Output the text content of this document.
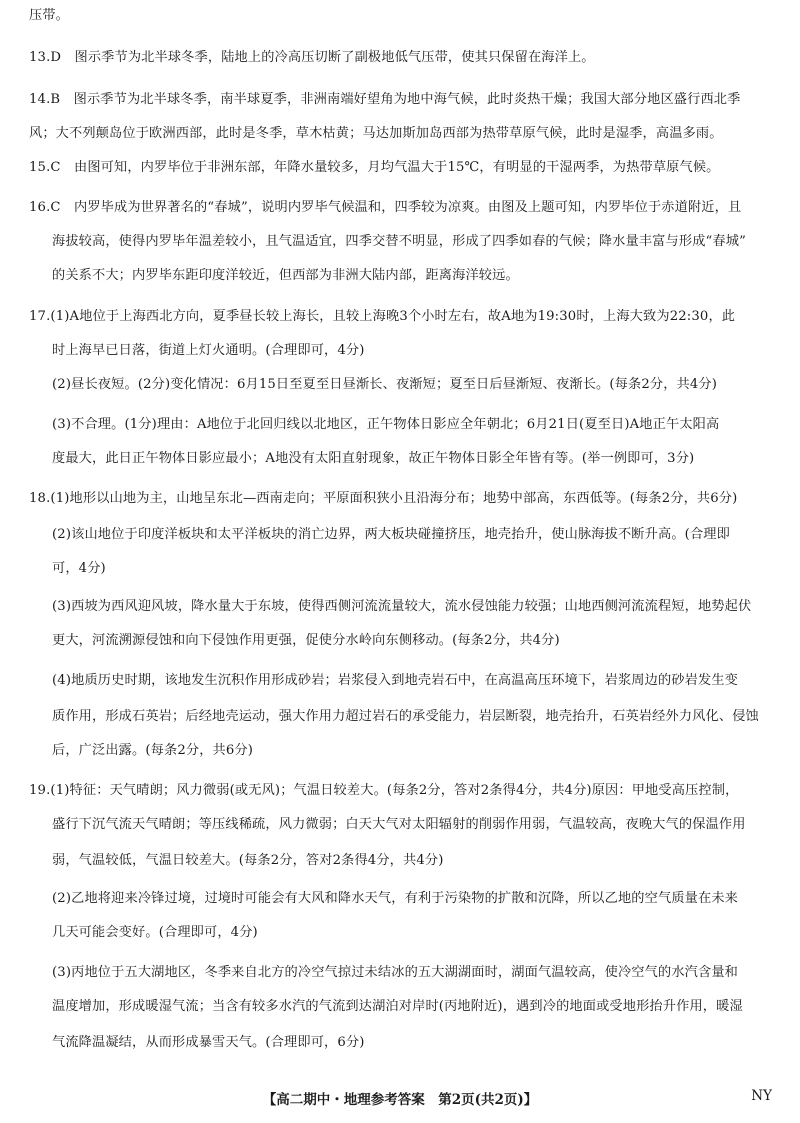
压带。
13.D　图示季节为北半球冬季，陆地上的冷高压切断了副极地低气压带，使其只保留在海洋上。
14.B　图示季节为北半球冬季，南半球夏季，非洲南端好望角为地中海气候，此时炎热干燥；我国大部分地区盛行西北季
风；大不列颠岛位于欧洲西部，此时是冬季，草木枯黄；马达加斯加岛西部为热带草原气候，此时是湿季，高温多雨。
15.C　由图可知，内罗毕位于非洲东部，年降水量较多，月均气温大于15℃，有明显的干湿两季，为热带草原气候。
16.C　内罗毕成为世界著名的“春城”，说明内罗毕气候温和，四季较为凉爽。由图及上题可知，内罗毕位于赤道附近，且
海拔较高，使得内罗毕年温差较小，且气温适宜，四季交替不明显，形成了四季如春的气候；降水量丰富与形成“春城”
的关系不大；内罗毕东距印度洋较近，但西部为非洲大陆内部，距离海洋较远。
17.(1)A地位于上海西北方向，夏季昼长较上海长，且较上海晚3个小时左右，故A地为19:30时，上海大致为22:30，此
时上海早已日落，街道上灯火通明。(合理即可，4分)
(2)昼长夜短。(2分)变化情况：6月15日至夏至日昼渐长、夜渐短；夏至日后昼渐短、夜渐长。(每条2分，共4分)
(3)不合理。(1分)理由：A地位于北回归线以北地区，正午物体日影应全年朝北；6月21日(夏至日)A地正午太阳高
度最大，此日正午物体日影应最小；A地没有太阳直射现象，故正午物体日影全年皆有等。(举一例即可，3分)
18.(1)地形以山地为主，山地呈东北—西南走向；平原面积狭小且沿海分布；地势中部高，东西低等。(每条2分，共6分)
(2)该山地位于印度洋板块和太平洋板块的消亡边界，两大板块碰撞挤压，地壳抬升，使山脉海拔不断升高。(合理即
可，4分)
(3)西坡为西风迎风坡，降水量大于东坡，使得西侧河流流量较大，流水侵蚀能力较强；山地西侧河流流程短，地势起伏
更大，河流溯源侵蚀和向下侵蚀作用更强，促使分水岭向东侧移动。(每条2分，共4分)
(4)地质历史时期，该地发生沉积作用形成砂岩；岩浆侵入到地壳岩石中，在高温高压环境下，岩浆周边的砂岩发生变
质作用，形成石英岩；后经地壳运动，强大作用力超过岩石的承受能力，岩层断裂，地壳抬升，石英岩经外力风化、侵蚀
后，广泛出露。(每条2分，共6分)
19.(1)特征：天气晴朗；风力微弱(或无风)；气温日较差大。(每条2分，答对2条得4分，共4分)原因：甲地受高压控制，
盛行下沉气流天气晴朗；等压线稀疏，风力微弱；白天大气对太阳辐射的削弱作用弱，气温较高，夜晚大气的保温作用
弱，气温较低，气温日较差大。(每条2分，答对2条得4分，共4分)
(2)乙地将迎来冷锋过境，过境时可能会有大风和降水天气，有利于污染物的扩散和沉降，所以乙地的空气质量在未来
几天可能会变好。(合理即可，4分)
(3)丙地位于五大湖地区，冬季来自北方的冷空气掠过未结冰的五大湖湖面时，湖面气温较高，使冷空气的水汽含量和
温度增加，形成暖湿气流；当含有较多水汽的气流到达湖泊对岸时(丙地附近)，遇到冷的地面或受地形抬升作用，暖湿
气流降温凝结，从而形成暴雪天气。(合理即可，6分)
【高二期中・地理参考答案　第2页(共2页)】	NY
